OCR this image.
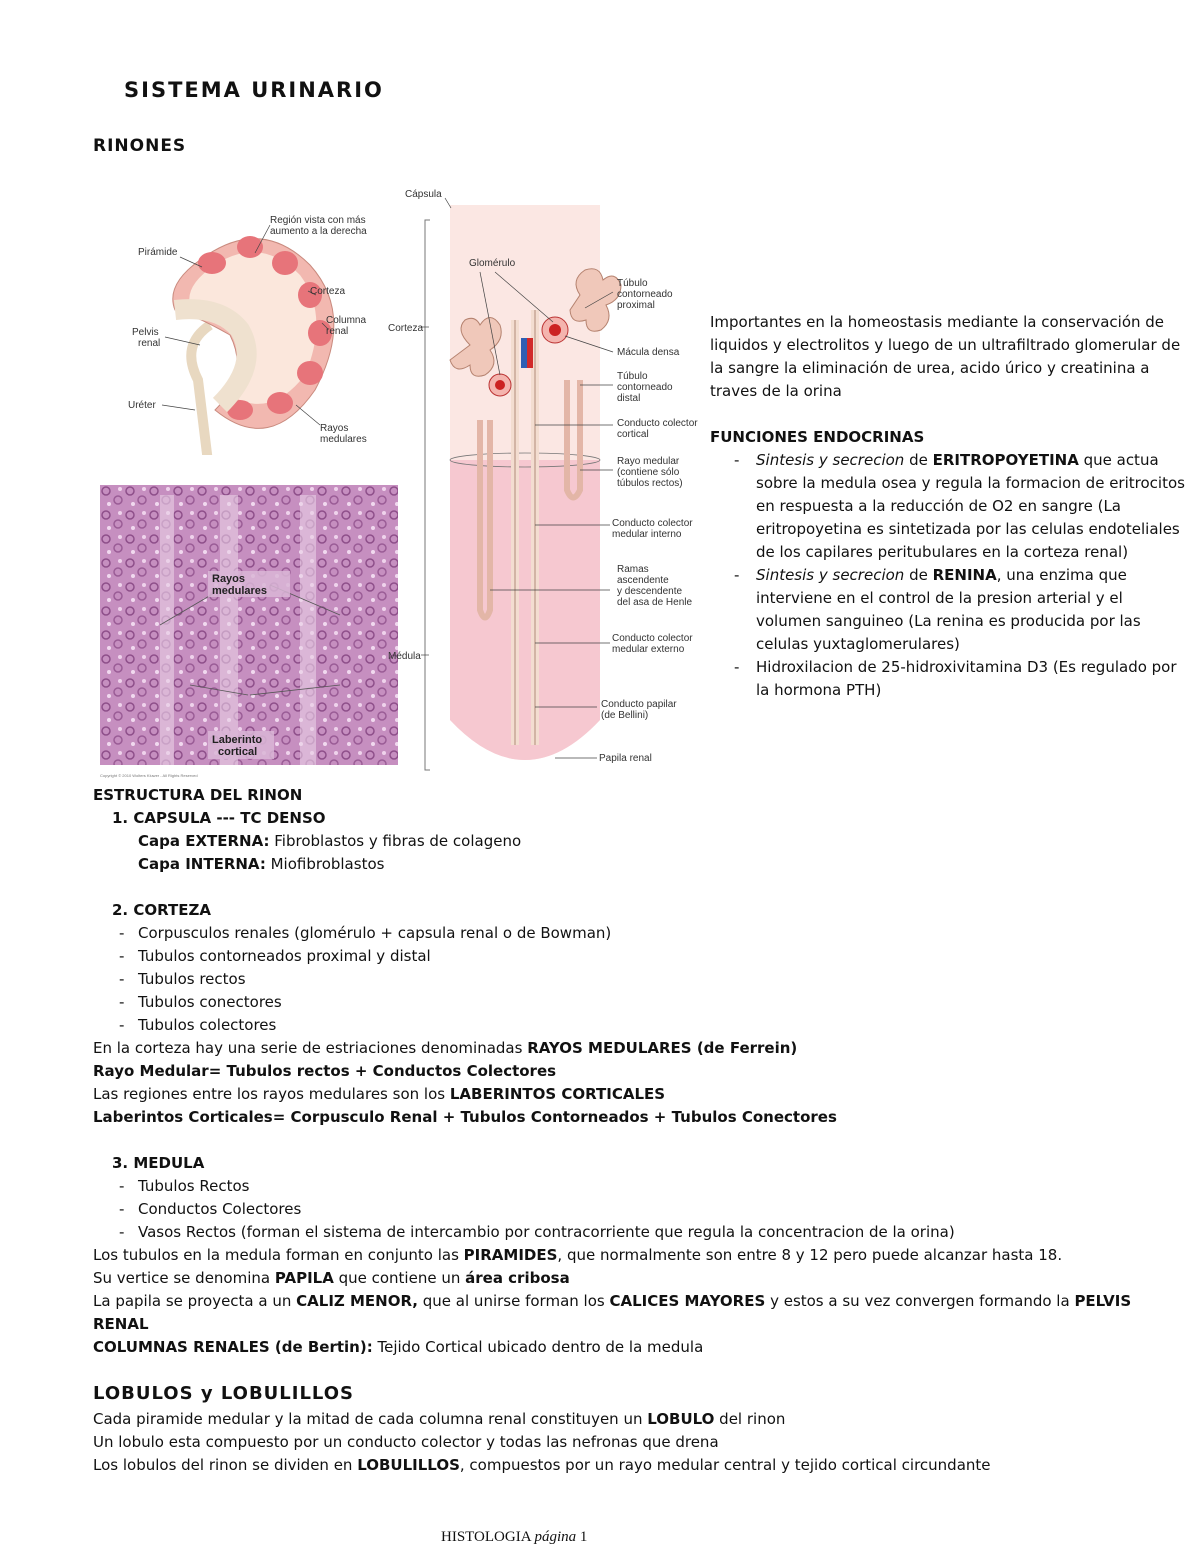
SISTEMA URINARIO
RINONES
Pirámide
Región vista con más
aumento a la derecha
Corteza
Columna
renal
Pelvis
renal
Uréter
Rayos
medulares
Rayos
medulares
Laberinto
cortical
Copyright © 2010 Wolters Kluwer - All Rights Reserved
Cápsula
Glomérulo
Corteza
Médula
Túbulo
contorneado
proximal
Mácula densa
Túbulo
contorneado
distal
Conducto colector
cortical
Rayo medular
(contiene sólo
túbulos rectos)
Conducto colector
medular interno
Ramas
ascendente
y descendente
del asa de Henle
Conducto colector
medular externo
Conducto papilar
(de Bellini)
Papila renal
Importantes en la homeostasis mediante la conservación de liquidos y electrolitos y luego de un ultrafiltrado glomerular de la sangre la eliminación de urea, acido úrico y creatinina a traves de la orina
FUNCIONES ENDOCRINAS
- Sintesis y secrecion de ERITROPOYETINA que actua sobre la medula osea y regula la formacion de eritrocitos en respuesta a la reducción de O2 en sangre (La eritropoyetina es sintetizada por las celulas endoteliales de los capilares peritubulares en la corteza renal)
- Sintesis y secrecion de RENINA, una enzima que interviene en el control de la presion arterial y el volumen sanguineo (La renina es producida por las celulas yuxtaglomerulares)
- Hidroxilacion de 25-hidroxivitamina D3 (Es regulado por la hormona PTH)
ESTRUCTURA DEL RINON
1. CAPSULA --- TC DENSO
Capa EXTERNA: Fibroblastos y fibras de colageno
Capa INTERNA: Miofibroblastos
2. CORTEZA
- Corpusculos renales (glomérulo + capsula renal o de Bowman)
- Tubulos contorneados proximal y distal
- Tubulos rectos
- Tubulos conectores
- Tubulos colectores
En la corteza hay una serie de estriaciones denominadas RAYOS MEDULARES (de Ferrein)
Rayo Medular= Tubulos rectos + Conductos Colectores
Las regiones entre los rayos medulares son los LABERINTOS CORTICALES
Laberintos Corticales= Corpusculo Renal + Tubulos Contorneados + Tubulos Conectores
3. MEDULA
- Tubulos Rectos
- Conductos Colectores
- Vasos Rectos (forman el sistema de intercambio por contracorriente que regula la concentracion de la orina)
Los tubulos en la medula forman en conjunto las PIRAMIDES, que normalmente son entre 8 y 12 pero puede alcanzar hasta 18.
Su vertice se denomina PAPILA que contiene un área cribosa
La papila se proyecta a un CALIZ MENOR, que al unirse forman los CALICES MAYORES y estos a su vez convergen formando la PELVIS
RENAL
COLUMNAS RENALES (de Bertin): Tejido Cortical ubicado dentro de la medula
LOBULOS y LOBULILLOS
Cada piramide medular y la mitad de cada columna renal constituyen un LOBULO del rinon
Un lobulo esta compuesto por un conducto colector y todas las nefronas que drena
Los lobulos del rinon se dividen en LOBULILLOS, compuestos por un rayo medular central y tejido cortical circundante
HISTOLOGIA página 1
